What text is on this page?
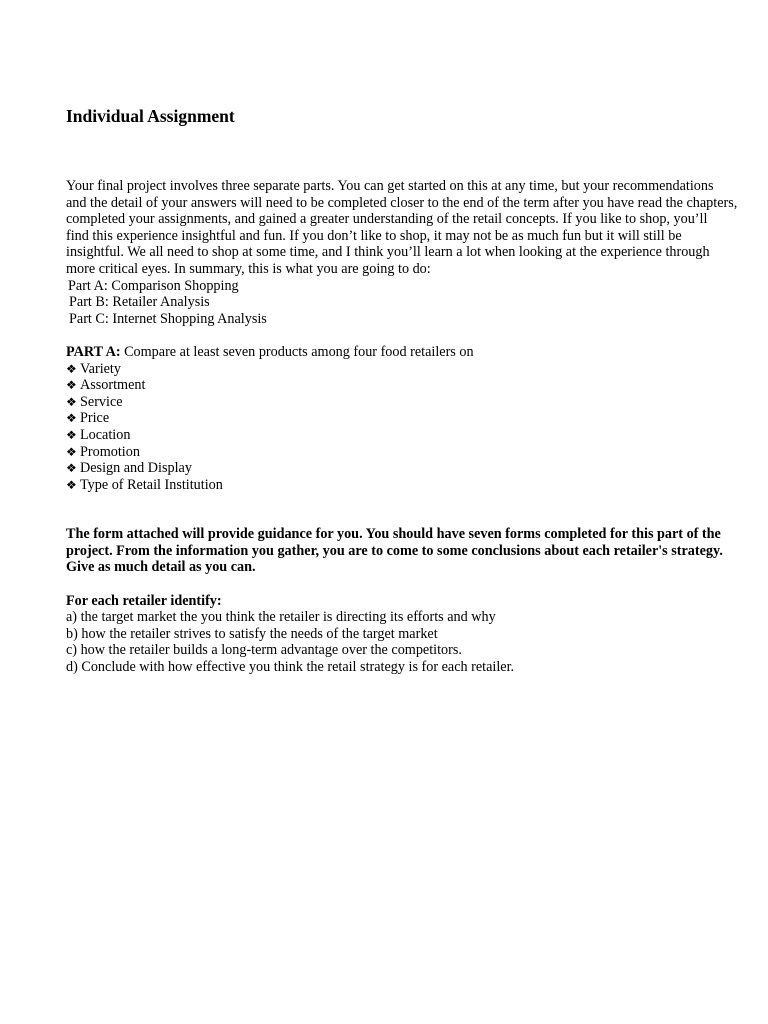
Individual Assignment

Your final project involves three separate parts. You can get started on this at any time, but your recommendations

and the detail of your answers will need to be completed closer to the end of the term after you have read the chapters,

completed your assignments, and gained a greater understanding of the retail concepts. If you like to shop, you’ll

find this experience insightful and fun. If you don’t like to shop, it may not be as much fun but it will still be

insightful. We all need to shop at some time, and I think you’ll learn a lot when looking at the experience through

more critical eyes. In summary, this is what you are going to do:

Part A: Comparison Shopping

Part B: Retailer Analysis

Part C: Internet Shopping Analysis

PART A: Compare at least seven products among four food retailers on

❖ Variety
❖ Assortment
❖ Service
❖ Price
❖ Location
❖ Promotion
❖ Design and Display
❖ Type of Retail Institution

The form attached will provide guidance for you. You should have seven forms completed for this part of the

project. From the information you gather, you are to come to some conclusions about each retailer's strategy.

Give as much detail as you can.

For each retailer identify:

a) the target market the you think the retailer is directing its efforts and why

b) how the retailer strives to satisfy the needs of the target market

c) how the retailer builds a long-term advantage over the competitors.

d) Conclude with how effective you think the retail strategy is for each retailer.
